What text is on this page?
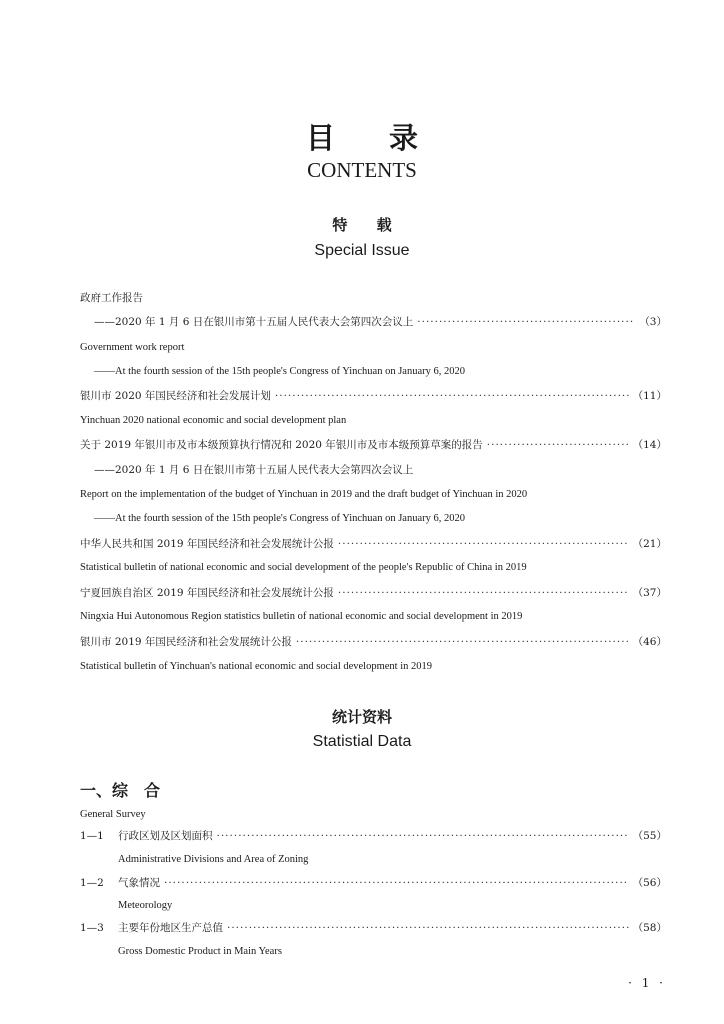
目 录
CONTENTS
特 载
Special Issue
政府工作报告
——2020 年 1 月 6 日在银川市第十五届人民代表大会第四次会议上 ·····	（3）
Government work report
——At the fourth session of the 15th people's Congress of Yinchuan on January 6, 2020
银川市 2020 年国民经济和社会发展计划 ·····	（11）
Yinchuan 2020 national economic and social development plan
关于 2019 年银川市及市本级预算执行情况和 2020 年银川市及市本级预算草案的报告 ·····	（14）
——2020 年 1 月 6 日在银川市第十五届人民代表大会第四次会议上
Report on the implementation of the budget of Yinchuan in 2019 and the draft budget of Yinchuan in 2020
——At the fourth session of the 15th people's Congress of Yinchuan on January 6, 2020
中华人民共和国 2019 年国民经济和社会发展统计公报 ·····	（21）
Statistical bulletin of national economic and social development of the people's Republic of China in 2019
宁夏回族自治区 2019 年国民经济和社会发展统计公报 ·····	（37）
Ningxia Hui Autonomous Region statistics bulletin of national economic and social development in 2019
银川市 2019 年国民经济和社会发展统计公报 ·····	（46）
Statistical bulletin of Yinchuan's national economic and social development in 2019
统计资料
Statistial Data
一、综　合
General Survey
1—1 行政区划及区划面积 ·····	（55）
Administrative Divisions and Area of Zoning
1—2 气象情况 ·····	（56）
Meteorology
1—3 主要年份地区生产总值 ·····	（58）
Gross Domestic Product in Main Years
· 1 ·
